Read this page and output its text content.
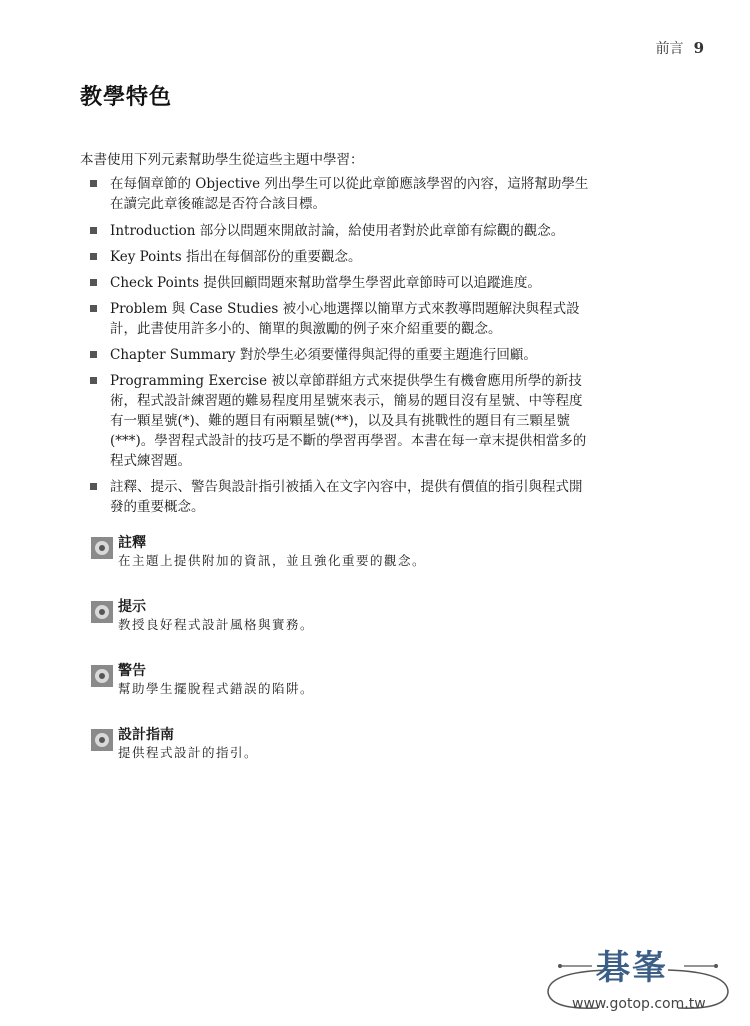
前言 9
教學特色
本書使用下列元素幫助學生從這些主題中學習：
在每個章節的 Objective 列出學生可以從此章節應該學習的內容，這將幫助學生在讀完此章後確認是否符合該目標。
Introduction 部分以問題來開啟討論，給使用者對於此章節有綜觀的觀念。
Key Points 指出在每個部份的重要觀念。
Check Points 提供回顧問題來幫助當學生學習此章節時可以追蹤進度。
Problem 與 Case Studies 被小心地選擇以簡單方式來教導問題解決與程式設計，此書使用許多小的、簡單的與激勵的例子來介紹重要的觀念。
Chapter Summary 對於學生必須要懂得與記得的重要主題進行回顧。
Programming Exercise 被以章節群組方式來提供學生有機會應用所學的新技術，程式設計練習題的難易程度用星號來表示，簡易的題目沒有星號、中等程度有一顆星號(*)、難的題目有兩顆星號(**)，以及具有挑戰性的題目有三顆星號(***)。學習程式設計的技巧是不斷的學習再學習。本書在每一章末提供相當多的程式練習題。
註釋、提示、警告與設計指引被插入在文字內容中，提供有價值的指引與程式開發的重要概念。
註釋
在主題上提供附加的資訊，並且強化重要的觀念。
提示
教授良好程式設計風格與實務。
警告
幫助學生擺脫程式錯誤的陷阱。
設計指南
提供程式設計的指引。
碁峯
www.gotop.com.tw
